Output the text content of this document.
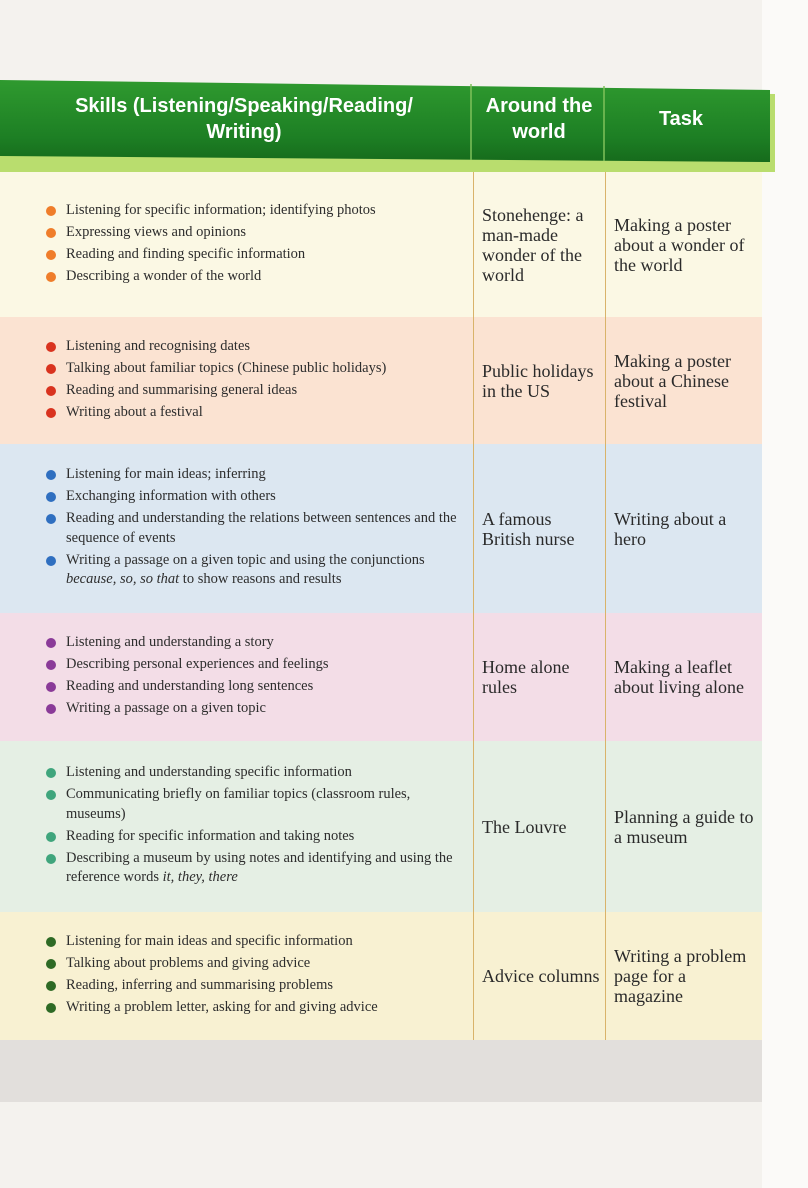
Skills (Listening/Speaking/Reading/
Writing)
Around the world
Task
Listening for specific information; identifying photos
Expressing views and opinions
Reading and finding specific information
Describing a wonder of the world
Stonehenge: a man-made wonder of the world
Making a poster about a wonder of the world
Listening and recognising dates
Talking about familiar topics (Chinese public holidays)
Reading and summarising general ideas
Writing about a festival
Public holidays in the US
Making a poster about a Chinese festival
Listening for main ideas; inferring
Exchanging information with others
Reading and understanding the relations between sentences and the sequence of events
Writing a passage on a given topic and using the conjunctions because, so, so that to show reasons and results
A famous British nurse
Writing about a hero
Listening and understanding a story
Describing personal experiences and feelings
Reading and understanding long sentences
Writing a passage on a given topic
Home alone rules
Making a leaflet about living alone
Listening and understanding specific information
Communicating briefly on familiar topics (classroom rules, museums)
Reading for specific information and taking notes
Describing a museum by using notes and identifying and using the reference words it, they, there
The Louvre	Planning a guide to a museum
Listening for main ideas and specific information
Talking about problems and giving advice
Reading, inferring and summarising problems
Writing a problem letter, asking for and giving advice
Advice columns
Writing a problem page for a magazine
